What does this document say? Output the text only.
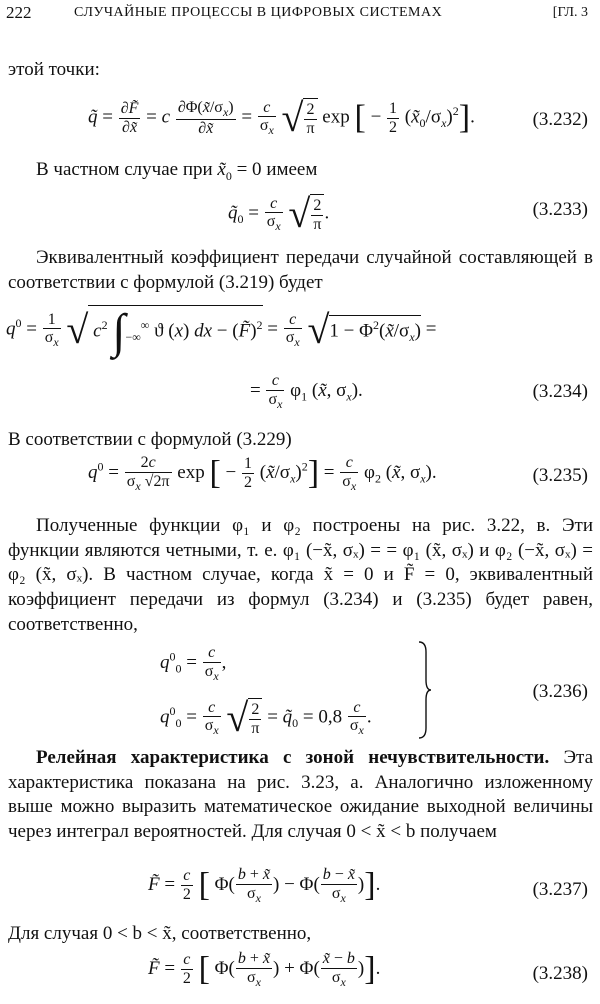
222	СЛУЧАЙНЫЕ ПРОЦЕССЫ В ЦИФРОВЫХ СИСТЕМАХ	[ГЛ. 3
этой точки:
q̃ = $\frac{\partial F̃}{\partial x̃} = c \frac{\partial\Phi(x̃/\sigma_x)}{\partial x̃} = \frac{c}{\sigma_x}$ √ $\frac{2}{\pi}$ exp [ − $\frac{1}{2}$ $(x̃_0/\sigma_x)^2$].	(3.232)
В частном случае при $x̃_0 = 0$ имеем
$q̃_0 = \frac{c}{\sigma_x}$ √ $\frac{2}{\pi}$ .	(3.233)
Эквивалентный коэффициент передачи случайной составляющей в соответствии с формулой (3.219) будет
$q^0 = \frac{1}{\sigma_x}$ √ $c^2$ $\int_{-\infty}^\infty$ ϑ (x) dx − (F̃)$^2$ = $\frac{c}{\sigma_x} √1$ − $\Phi^2(x̃/\sigma_x)$ =
= $\frac{c}{\sigma_x} \varphi_1$ (x̃, $\sigma_x$).	(3.234)
В соответствии с формулой (3.229)
$q^0 = \frac{2c}{\sigma_x √2\pi}$ exp [ − $\frac{1}{2}$ $(x̃/\sigma_x)^2] = \frac{c}{\sigma_x} \varphi_2$ (x̃, $\sigma_x$).	(3.235)
Полученные функции φ₁ и φ₂ построены на рис. 3.22, в. Эти функции являются четными, т. е. φ₁ (−x̃, σₓ) = = φ₁ (x̃, σₓ) и φ₂ (−x̃, σₓ) = φ₂ (x̃, σₓ). В частном случае, когда x̃ = 0 и F̃ = 0, эквивалентный коэффициент передачи из формул (3.234) и (3.235) будет равен, соответственно,
$q^0_0 = \frac{c}{\sigma_x}$ ,
$q^0_0 = \frac{c}{\sigma_x}$ √ $\frac{2}{\pi}$ = $q̃_0 = 0,8 \frac{c}{\sigma_x}$ .
(3.236)
Релейная характеристика с зоной нечувствительности. Эта характеристика показана на рис. 3.23, а. Аналогично изложенному выше можно выразить математическое ожидание выходной величины через интеграл вероятностей. Для случая 0 < x̃ < b получаем
F̃ = $\frac{c}{2}$ [ $\Phi( \frac{b + x̃}{\sigma_x}$ ) − $\Phi( \frac{b - x̃}{\sigma_x}$ )].	(3.237)
Для случая 0 < b < x̃, соответственно,
F̃ = $\frac{c}{2}$ [ $\Phi( \frac{b + x̃}{\sigma_x}$ ) + $\Phi( \frac{x̃ - b}{\sigma_x}$ )].	(3.238)
